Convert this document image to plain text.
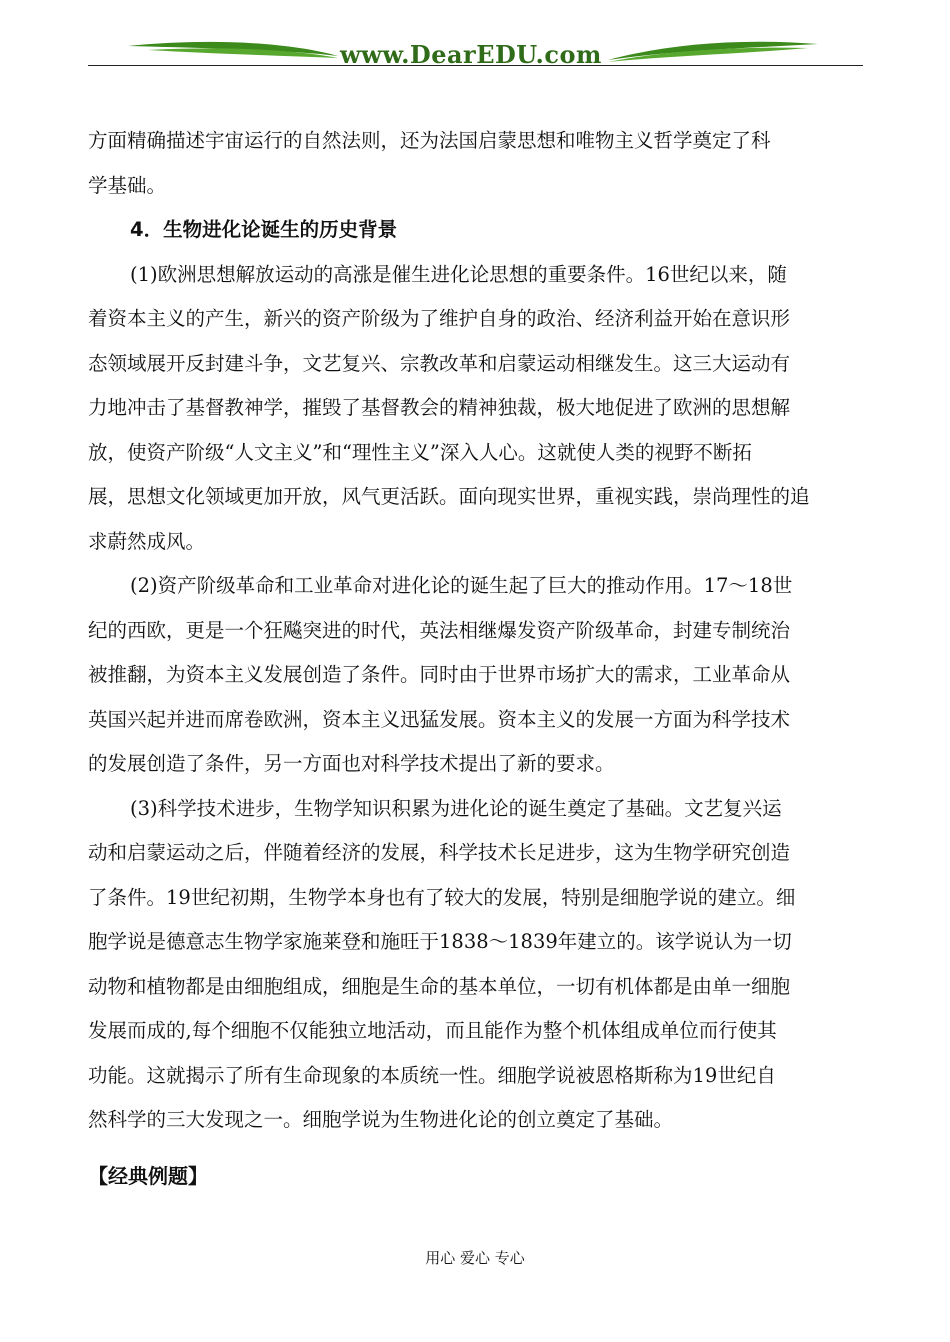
www.DearEDU.com

方面精确描述宇宙运行的自然法则，还为法国启蒙思想和唯物主义哲学奠定了科

学基础。

4．生物进化论诞生的历史背景

(1)欧洲思想解放运动的高涨是催生进化论思想的重要条件。16世纪以来，随

着资本主义的产生，新兴的资产阶级为了维护自身的政治、经济利益开始在意识形

态领域展开反封建斗争，文艺复兴、宗教改革和启蒙运动相继发生。这三大运动有

力地冲击了基督教神学，摧毁了基督教会的精神独裁，极大地促进了欧洲的思想解

放，使资产阶级“人文主义”和“理性主义”深入人心。这就使人类的视野不断拓

展，思想文化领域更加开放，风气更活跃。面向现实世界，重视实践，崇尚理性的追

求蔚然成风。

(2)资产阶级革命和工业革命对进化论的诞生起了巨大的推动作用。17～18世

纪的西欧，更是一个狂飚突进的时代，英法相继爆发资产阶级革命，封建专制统治

被推翻，为资本主义发展创造了条件。同时由于世界市场扩大的需求，工业革命从

英国兴起并进而席卷欧洲，资本主义迅猛发展。资本主义的发展一方面为科学技术

的发展创造了条件，另一方面也对科学技术提出了新的要求。

(3)科学技术进步，生物学知识积累为进化论的诞生奠定了基础。文艺复兴运

动和启蒙运动之后，伴随着经济的发展，科学技术长足进步，这为生物学研究创造

了条件。19世纪初期，生物学本身也有了较大的发展，特别是细胞学说的建立。细

胞学说是德意志生物学家施莱登和施旺于1838～1839年建立的。该学说认为一切

动物和植物都是由细胞组成，细胞是生命的基本单位，一切有机体都是由单一细胞

发展而成的,每个细胞不仅能独立地活动，而且能作为整个机体组成单位而行使其

功能。这就揭示了所有生命现象的本质统一性。细胞学说被恩格斯称为19世纪自

然科学的三大发现之一。细胞学说为生物进化论的创立奠定了基础。

【经典例题】
用心 爱心 专心
